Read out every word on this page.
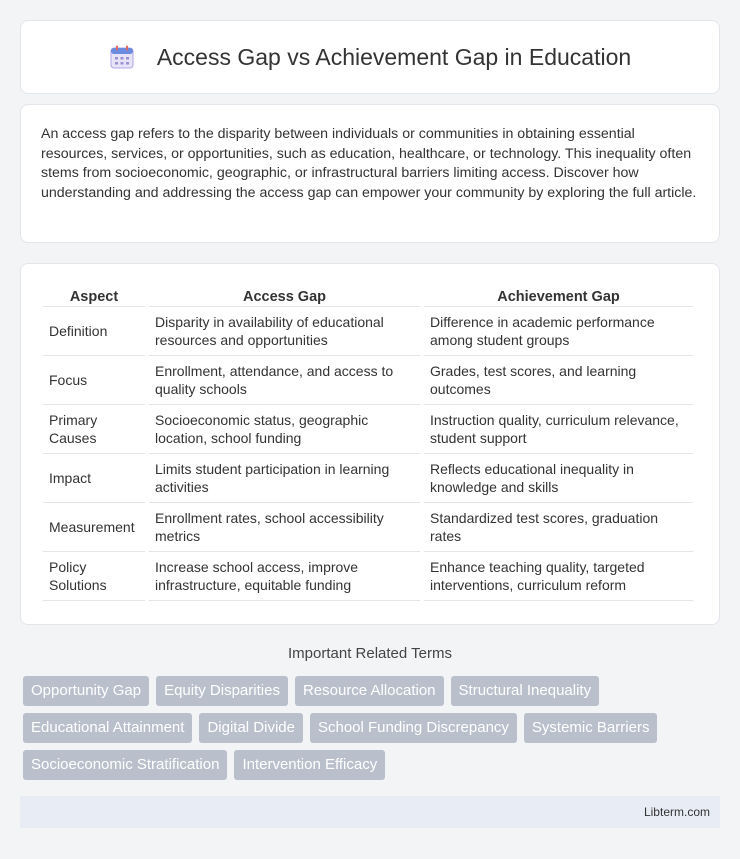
Access Gap vs Achievement Gap in Education

An access gap refers to the disparity between individuals or communities in obtaining essential resources, services, or opportunities, such as education, healthcare, or technology. This inequality often stems from socioeconomic, geographic, or infrastructural barriers limiting access. Discover how understanding and addressing the access gap can empower your community by exploring the full article.

Aspect	Access Gap	Achievement Gap
Definition	Disparity in availability of educational resources and opportunities	Difference in academic performance among student groups
Focus	Enrollment, attendance, and access to quality schools	Grades, test scores, and learning outcomes
Primary Causes	Socioeconomic status, geographic location, school funding	Instruction quality, curriculum relevance, student support
Impact	Limits student participation in learning activities	Reflects educational inequality in knowledge and skills
Measurement	Enrollment rates, school accessibility metrics	Standardized test scores, graduation rates
Policy Solutions	Increase school access, improve infrastructure, equitable funding	Enhance teaching quality, targeted interventions, curriculum reform
Important Related Terms
Opportunity Gap	Equity Disparities	Resource Allocation	Structural Inequality
Educational Attainment	Digital Divide	School Funding Discrepancy	Systemic Barriers
Socioeconomic Stratification	Intervention Efficacy
Libterm.com
